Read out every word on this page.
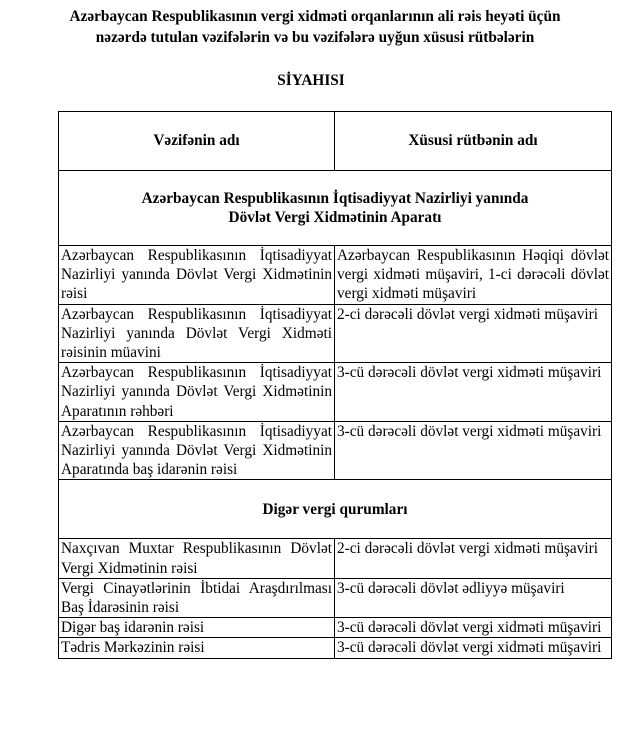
Azərbaycan Respublikasının vergi xidməti orqanlarının ali rəis heyəti üçün
nəzərdə tutulan vəzifələrin və bu vəzifələrə uyğun xüsusi rütbələrin
SİYAHISI
Vəzifənin adı	Xüsusi rütbənin adı

Azərbaycan Respublikasının İqtisadiyyat Nazirliyi yanında
Dövlət Vergi Xidmətinin Aparatı	

Azərbaycan Respublikasının İqtisadiyyat Nazirliyi yanında Dövlət Vergi Xidmətinin rəisi	Azərbaycan Respublikasının Həqiqi dövlət vergi xidməti müşaviri, 1-ci dərəcəli dövlət vergi xidməti müşaviri
Azərbaycan Respublikasının İqtisadiyyat Nazirliyi yanında Dövlət Vergi Xidməti rəisinin müavini	2-ci dərəcəli dövlət vergi xidməti müşaviri
Azərbaycan Respublikasının İqtisadiyyat Nazirliyi yanında Dövlət Vergi Xidmətinin Aparatının rəhbəri	3-cü dərəcəli dövlət vergi xidməti müşaviri
Azərbaycan Respublikasının İqtisadiyyat Nazirliyi yanında Dövlət Vergi Xidmətinin Aparatında baş idarənin rəisi	3-cü dərəcəli dövlət vergi xidməti müşaviri

Digər vergi qurumları	

Naxçıvan Muxtar Respublikasının Dövlət Vergi Xidmətinin rəisi	2-ci dərəcəli dövlət vergi xidməti müşaviri
Vergi Cinayətlərinin İbtidai Araşdırılması Baş İdarəsinin rəisi	3-cü dərəcəli dövlət ədliyyə müşaviri
Digər baş idarənin rəisi	3-cü dərəcəli dövlət vergi xidməti müşaviri
Tədris Mərkəzinin rəisi	3-cü dərəcəli dövlət vergi xidməti müşaviri
